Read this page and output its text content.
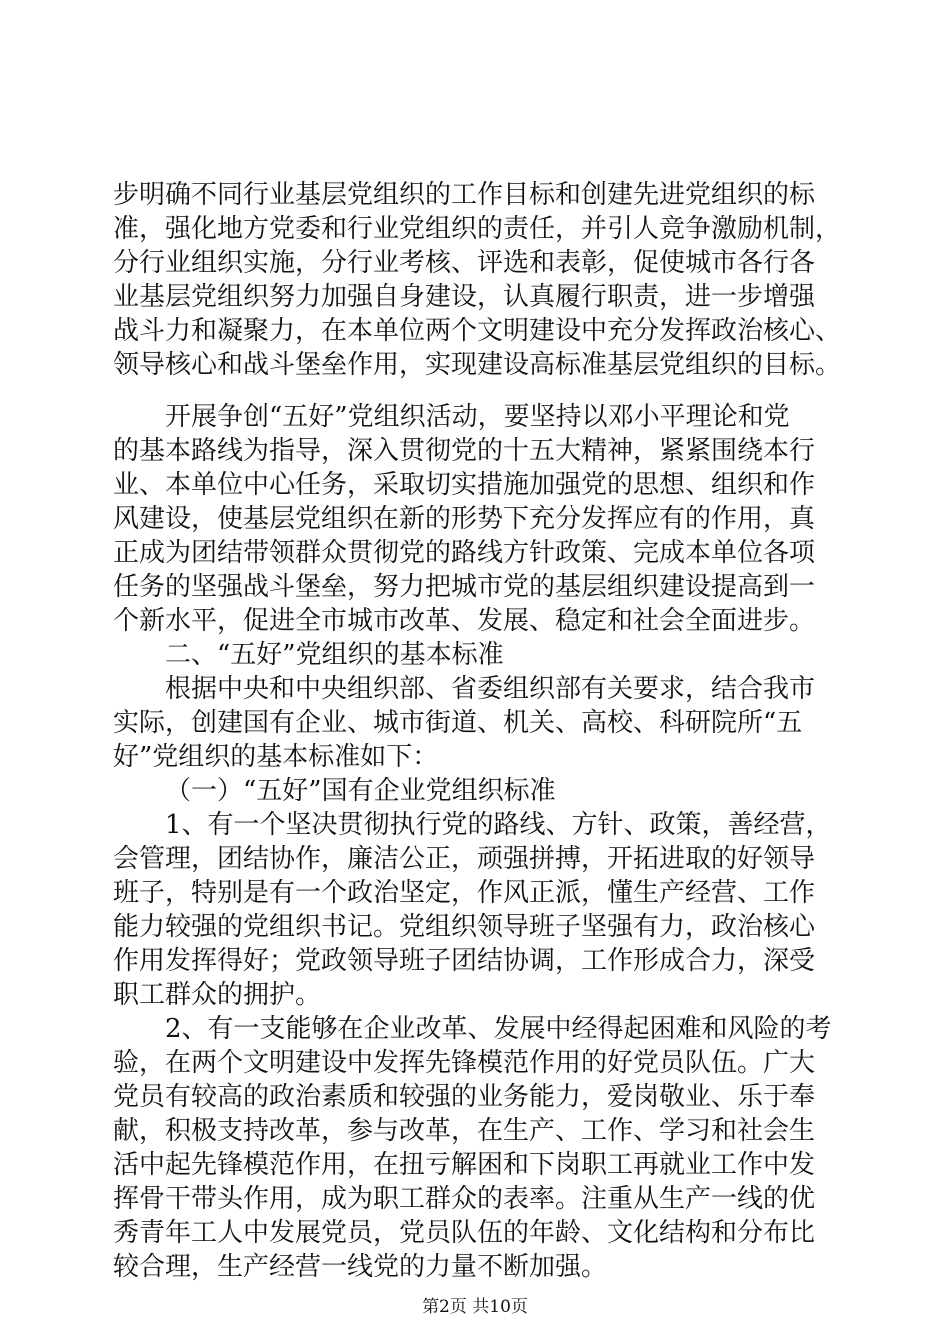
步明确不同行业基层党组织的工作目标和创建先进党组织的标
准，强化地方党委和行业党组织的责任，并引人竞争激励机制，
分行业组织实施，分行业考核、评选和表彰，促使城市各行各
业基层党组织努力加强自身建设，认真履行职责，进一步增强
战斗力和凝聚力，在本单位两个文明建设中充分发挥政治核心、
领导核心和战斗堡垒作用，实现建设高标准基层党组织的目标。
开展争创“五好”党组织活动，要坚持以邓小平理论和党
的基本路线为指导，深入贯彻党的十五大精神，紧紧围绕本行
业、本单位中心任务，采取切实措施加强党的思想、组织和作
风建设，使基层党组织在新的形势下充分发挥应有的作用，真
正成为团结带领群众贯彻党的路线方针政策、完成本单位各项
任务的坚强战斗堡垒，努力把城市党的基层组织建设提高到一
个新水平，促进全市城市改革、发展、稳定和社会全面进步。
二、“五好”党组织的基本标准
根据中央和中央组织部、省委组织部有关要求，结合我市
实际，创建国有企业、城市街道、机关、高校、科研院所“五
好”党组织的基本标准如下：
（一）“五好”国有企业党组织标准
1、有一个坚决贯彻执行党的路线、方针、政策，善经营，
会管理，团结协作，廉洁公正，顽强拼搏，开拓进取的好领导
班子，特别是有一个政治坚定，作风正派，懂生产经营、工作
能力较强的党组织书记。党组织领导班子坚强有力，政治核心
作用发挥得好；党政领导班子团结协调，工作形成合力，深受
职工群众的拥护。
2、有一支能够在企业改革、发展中经得起困难和风险的考
验，在两个文明建设中发挥先锋模范作用的好党员队伍。广大
党员有较高的政治素质和较强的业务能力，爱岗敬业、乐于奉
献，积极支持改革，参与改革，在生产、工作、学习和社会生
活中起先锋模范作用，在扭亏解困和下岗职工再就业工作中发
挥骨干带头作用，成为职工群众的表率。注重从生产一线的优
秀青年工人中发展党员，党员队伍的年龄、文化结构和分布比
较合理，生产经营一线党的力量不断加强。
第2页 共10页
